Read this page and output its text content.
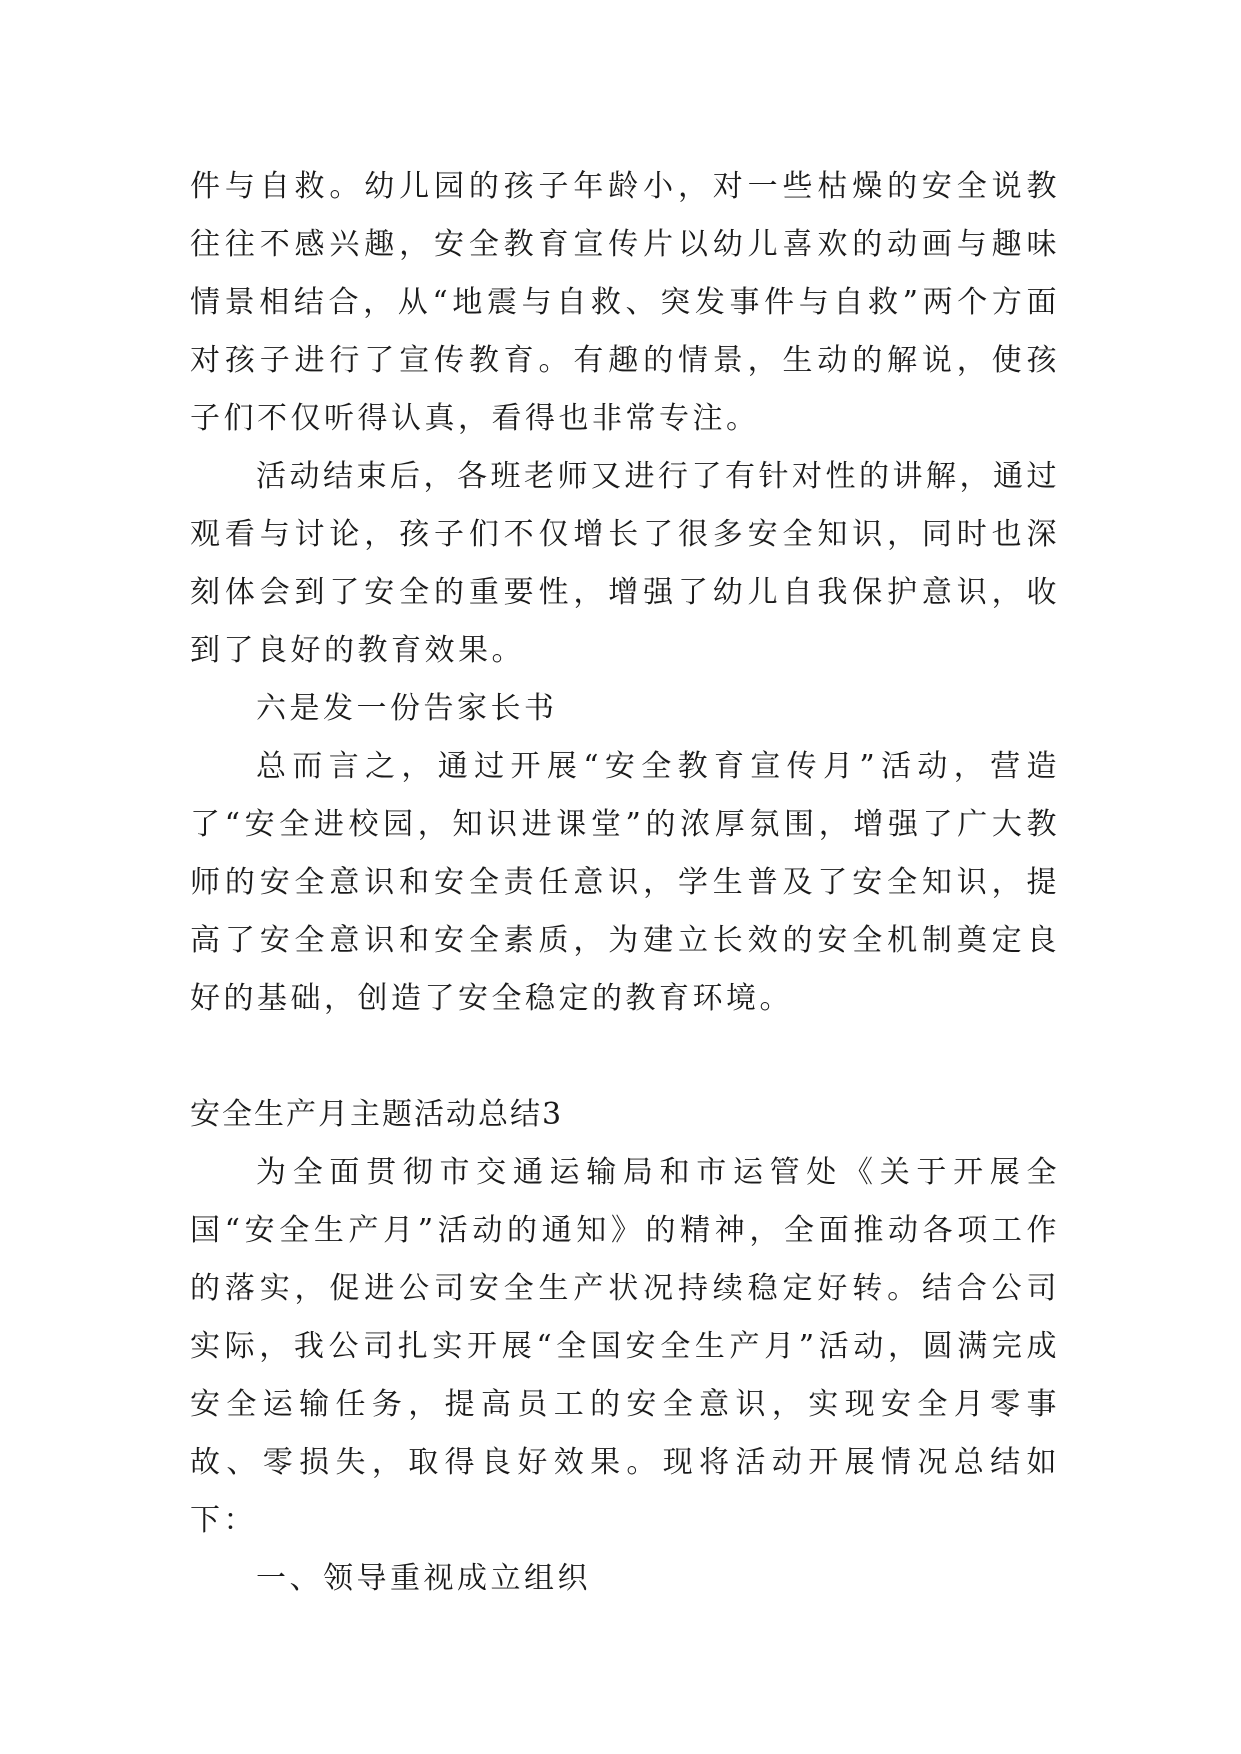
件与自救。幼儿园的孩子年龄小，对一些枯燥的安全说教往往不感兴趣，安全教育宣传片以幼儿喜欢的动画与趣味情景相结合，从“地震与自救、突发事件与自救”两个方面对孩子进行了宣传教育。有趣的情景，生动的解说，使孩子们不仅听得认真，看得也非常专注。

活动结束后，各班老师又进行了有针对性的讲解，通过观看与讨论，孩子们不仅增长了很多安全知识，同时也深刻体会到了安全的重要性，增强了幼儿自我保护意识，收到了良好的教育效果。

六是发一份告家长书

总而言之，通过开展“安全教育宣传月”活动，营造了“安全进校园，知识进课堂”的浓厚氛围，增强了广大教师的安全意识和安全责任意识，学生普及了安全知识，提高了安全意识和安全素质，为建立长效的安全机制奠定良好的基础，创造了安全稳定的教育环境。

安全生产月主题活动总结3

为全面贯彻市交通运输局和市运管处《关于开展全国“安全生产月”活动的通知》的精神，全面推动各项工作的落实，促进公司安全生产状况持续稳定好转。结合公司实际，我公司扎实开展“全国安全生产月”活动，圆满完成安全运输任务，提高员工的安全意识，实现安全月零事故、零损失，取得良好效果。现将活动开展情况总结如下：

一、领导重视成立组织
